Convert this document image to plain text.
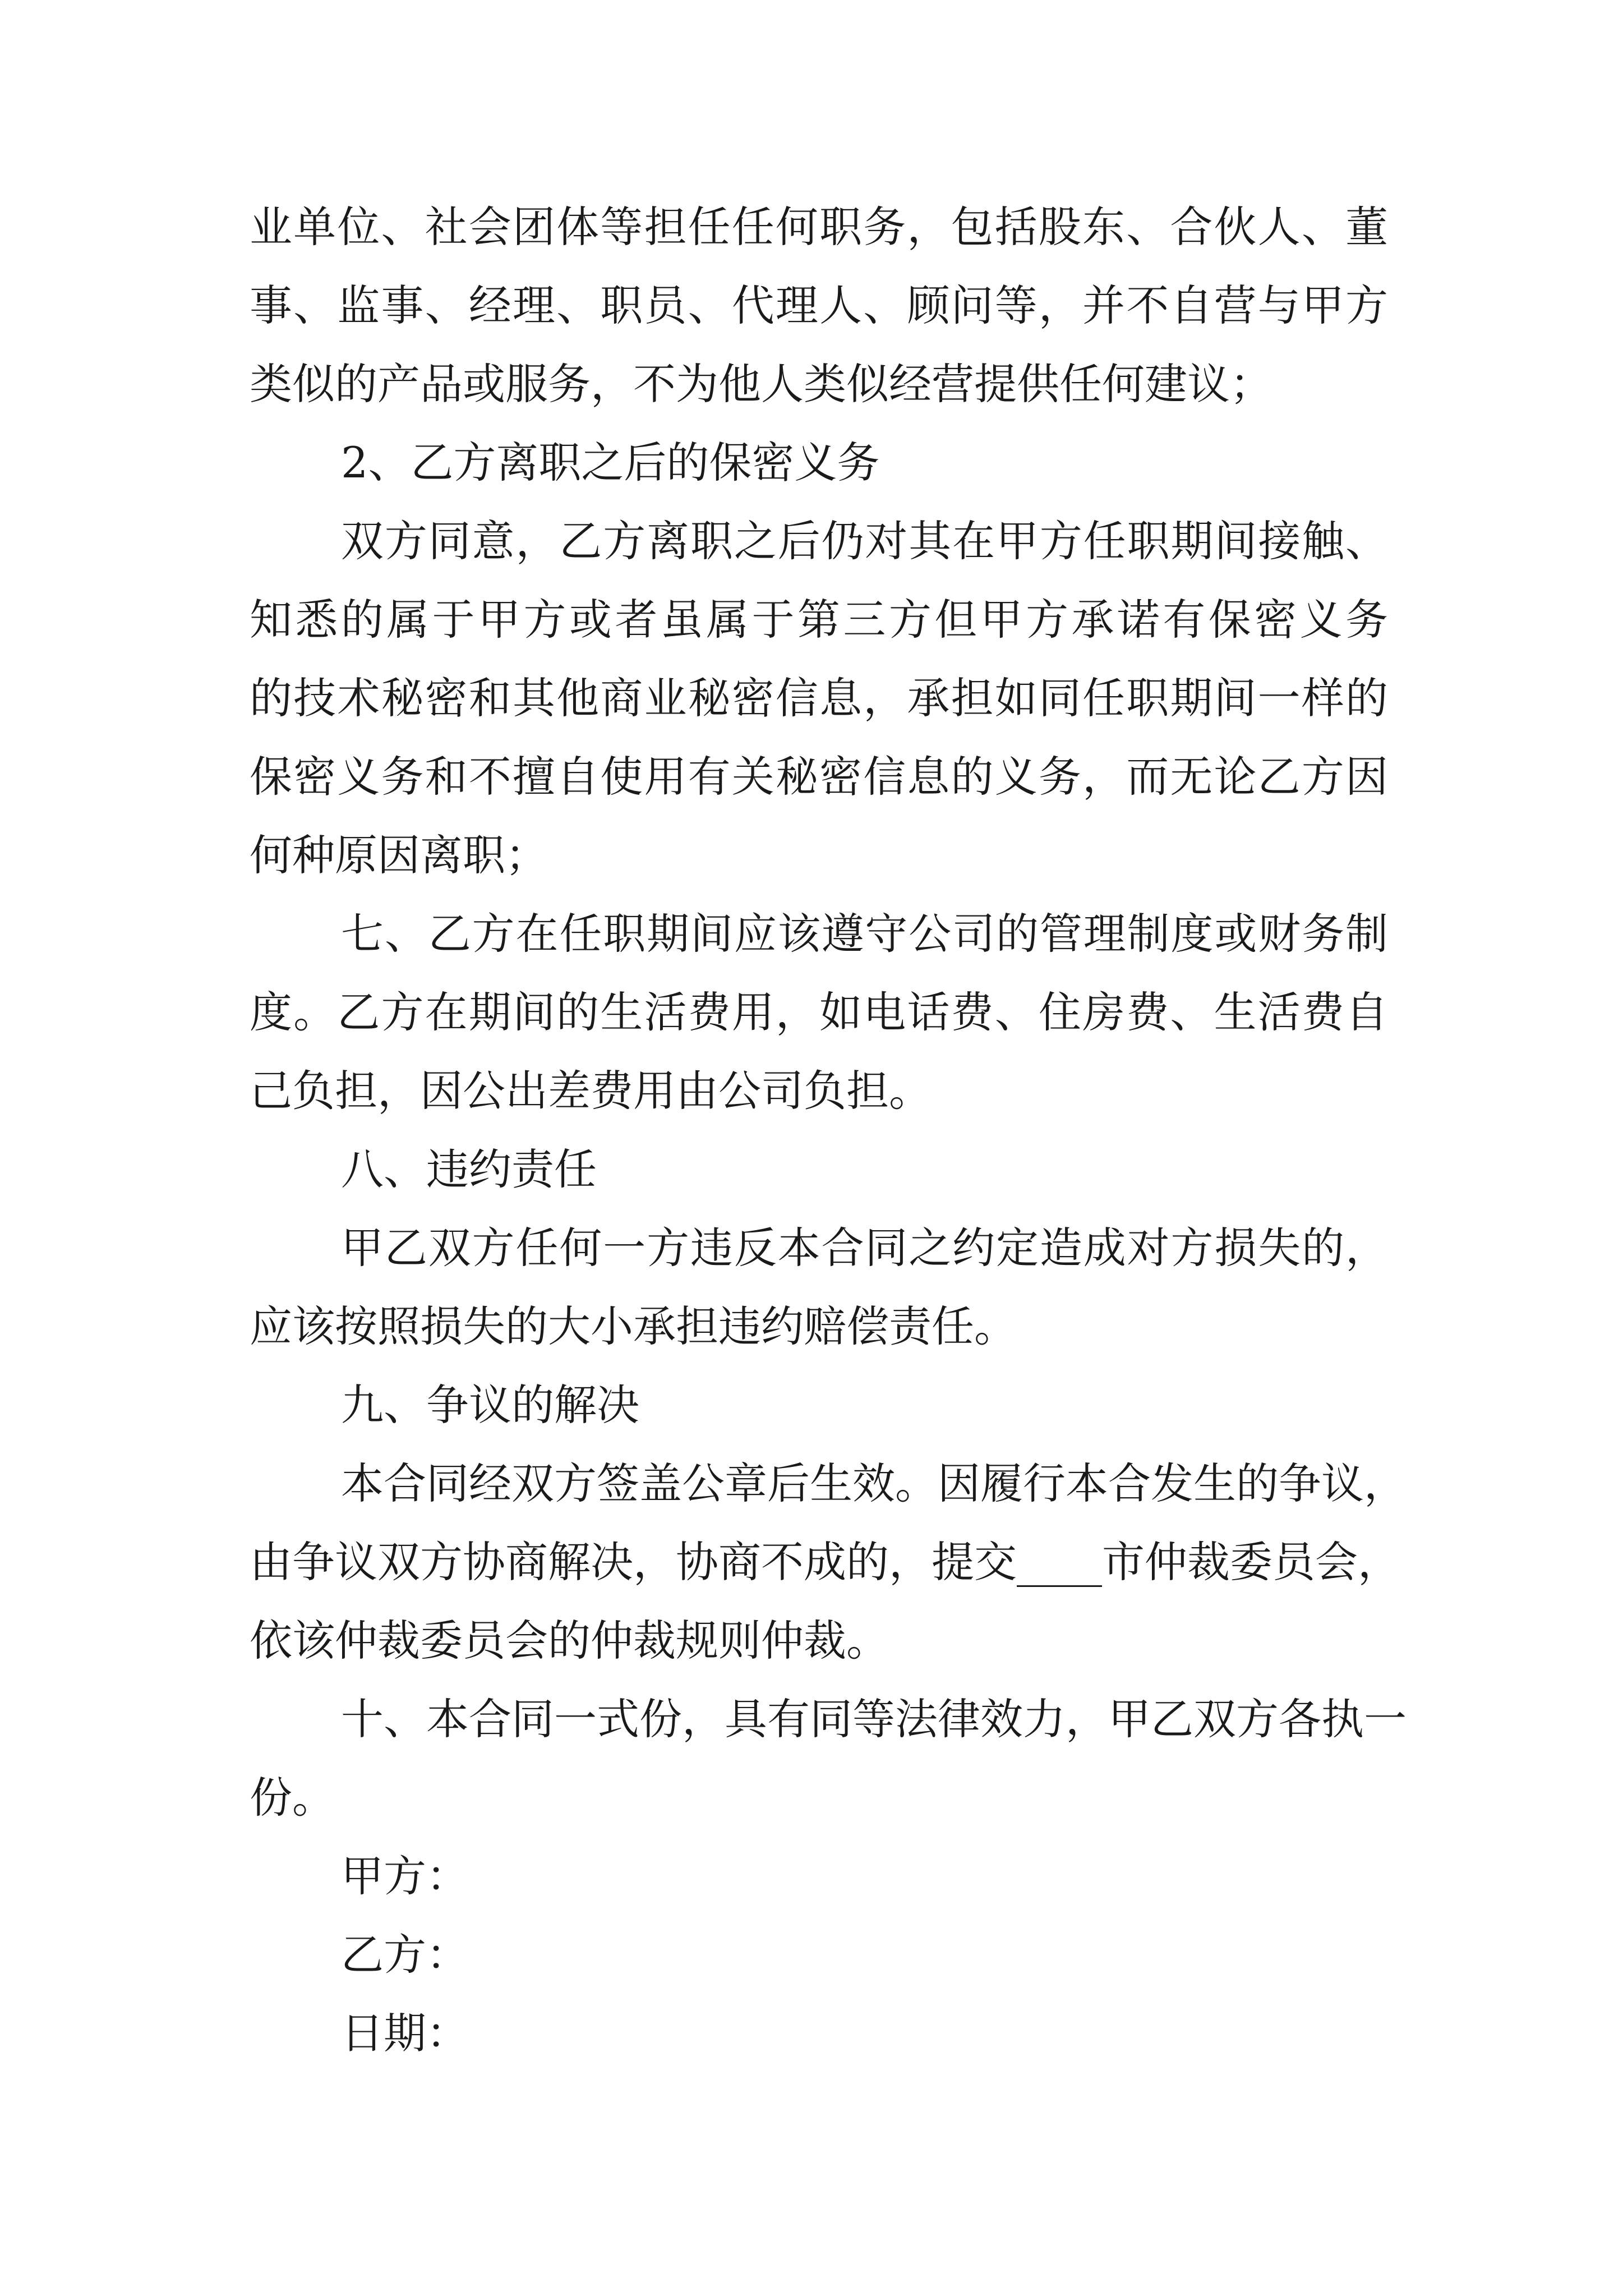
业单位、社会团体等担任任何职务，包括股东、合伙人、董
事、监事、经理、职员、代理人、顾问等，并不自营与甲方
类似的产品或服务，不为他人类似经营提供任何建议；
2、乙方离职之后的保密义务
双方同意，乙方离职之后仍对其在甲方任职期间接触、
知悉的属于甲方或者虽属于第三方但甲方承诺有保密义务
的技术秘密和其他商业秘密信息，承担如同任职期间一样的
保密义务和不擅自使用有关秘密信息的义务，而无论乙方因
何种原因离职；
七、乙方在任职期间应该遵守公司的管理制度或财务制
度。乙方在期间的生活费用，如电话费、住房费、生活费自
己负担，因公出差费用由公司负担。
八、违约责任
甲乙双方任何一方违反本合同之约定造成对方损失的，
应该按照损失的大小承担违约赔偿责任。
九、争议的解决
本合同经双方签盖公章后生效。因履行本合发生的争议，
由争议双方协商解决，协商不成的，提交____市仲裁委员会，
依该仲裁委员会的仲裁规则仲裁。
十、本合同一式份，具有同等法律效力，甲乙双方各执一
份。
甲方：
乙方：
日期：
